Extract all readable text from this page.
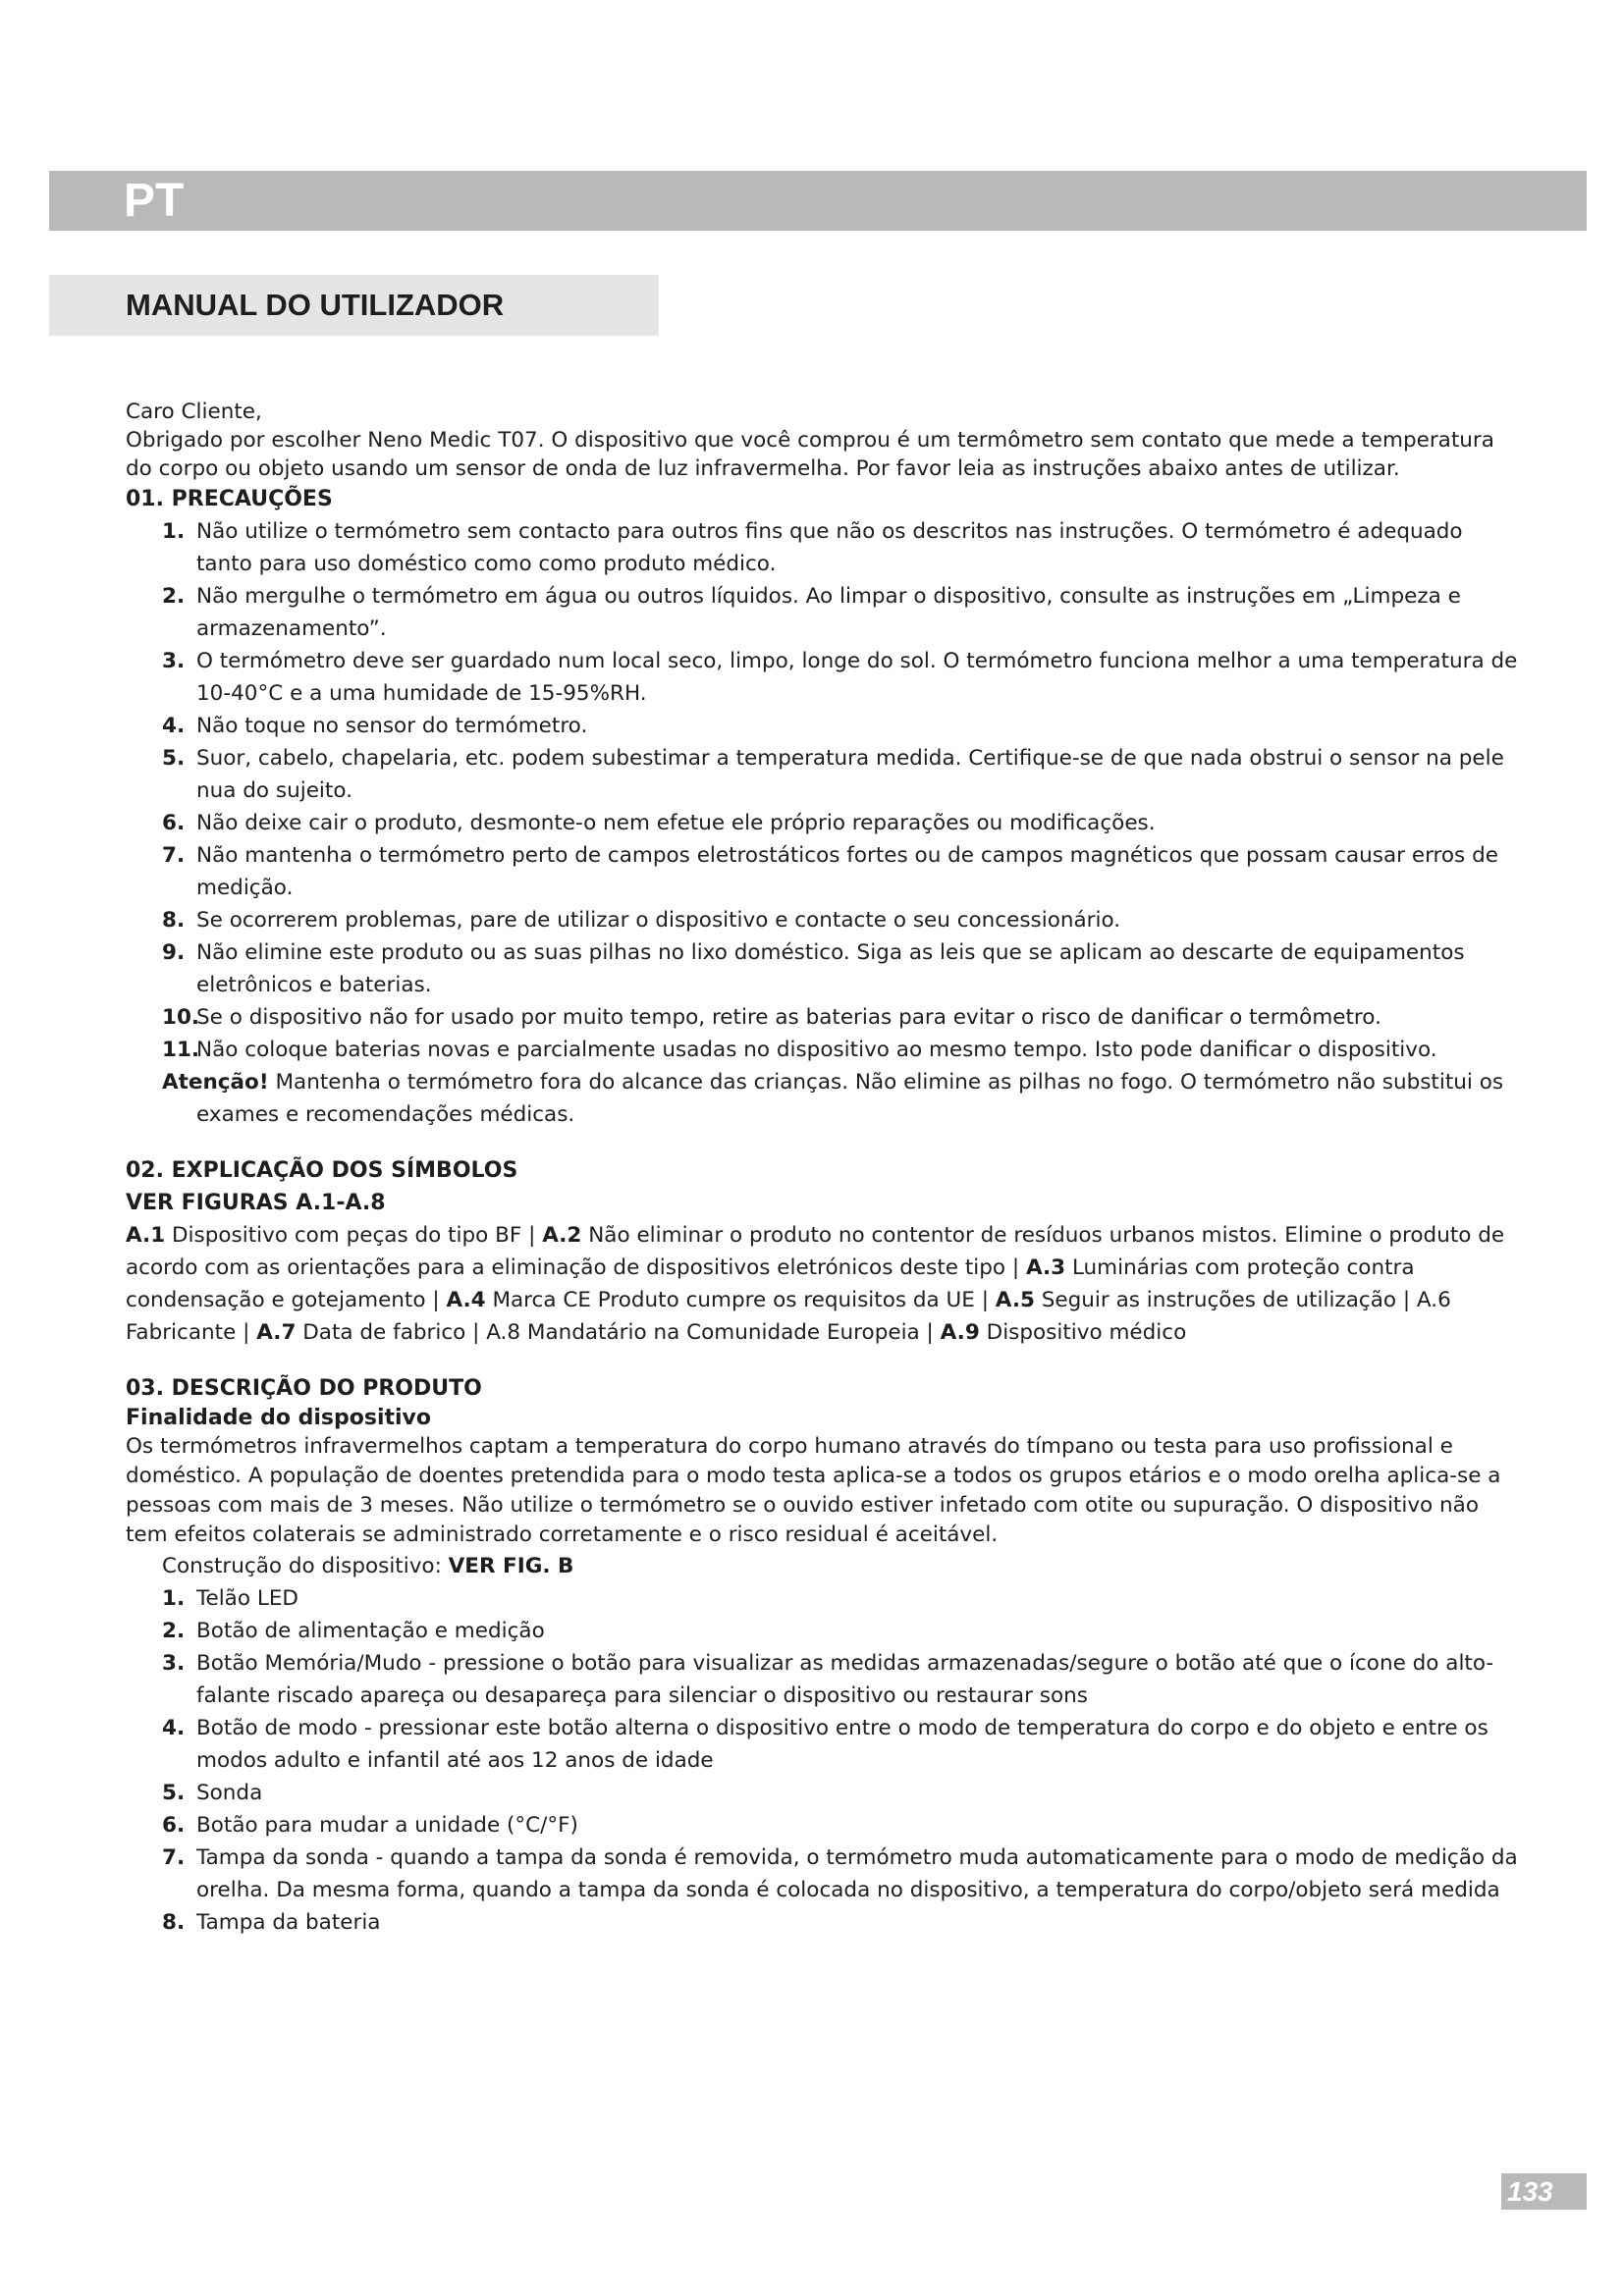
PT
MANUAL DO UTILIZADOR

Caro Cliente,

Obrigado por escolher Neno Medic T07. O dispositivo que você comprou é um termômetro sem contato que mede a temperatura do corpo ou objeto usando um sensor de onda de luz infravermelha. Por favor leia as instruções abaixo antes de utilizar.

01. PRECAUÇÕES

1. Não utilize o termómetro sem contacto para outros fins que não os descritos nas instruções. O termómetro é adequado tanto para uso doméstico como como produto médico.
2. Não mergulhe o termómetro em água ou outros líquidos. Ao limpar o dispositivo, consulte as instruções em „Limpeza e armazenamento”.
3. O termómetro deve ser guardado num local seco, limpo, longe do sol. O termómetro funciona melhor a uma temperatura de 10-40°C e a uma humidade de 15-95%RH.
4. Não toque no sensor do termómetro.
5. Suor, cabelo, chapelaria, etc. podem subestimar a temperatura medida. Certifique-se de que nada obstrui o sensor na pele nua do sujeito.
6. Não deixe cair o produto, desmonte-o nem efetue ele próprio reparações ou modificações.
7. Não mantenha o termómetro perto de campos eletrostáticos fortes ou de campos magnéticos que possam causar erros de medição.
8. Se ocorrerem problemas, pare de utilizar o dispositivo e contacte o seu concessionário.
9. Não elimine este produto ou as suas pilhas no lixo doméstico. Siga as leis que se aplicam ao descarte de equipamentos eletrônicos e baterias.
10.
Se o dispositivo não for usado por muito tempo, retire as baterias para evitar o risco de danificar o termômetro.
11.
Não coloque baterias novas e parcialmente usadas no dispositivo ao mesmo tempo. Isto pode danificar o dispositivo.
Atenção! Mantenha o termómetro fora do alcance das crianças. Não elimine as pilhas no fogo. O termómetro não substitui os exames e recomendações médicas.

02. EXPLICAÇÃO DOS SÍMBOLOS

VER FIGURAS A.1-A.8

A.1 Dispositivo com peças do tipo BF | A.2 Não eliminar o produto no contentor de resíduos urbanos mistos. Elimine o produto de acordo com as orientações para a eliminação de dispositivos eletrónicos deste tipo | A.3 Luminárias com proteção contra condensação e gotejamento | A.4 Marca CE Produto cumpre os requisitos da UE | A.5 Seguir as instruções de utilização | A.6 Fabricante | A.7 Data de fabrico | A.8 Mandatário na Comunidade Europeia | A.9 Dispositivo médico

03. DESCRIÇÃO DO PRODUTO

Finalidade do dispositivo

Os termómetros infravermelhos captam a temperatura do corpo humano através do tímpano ou testa para uso profissional e doméstico. A população de doentes pretendida para o modo testa aplica-se a todos os grupos etários e o modo orelha aplica-se a pessoas com mais de 3 meses. Não utilize o termómetro se o ouvido estiver infetado com otite ou supuração. O dispositivo não tem efeitos colaterais se administrado corretamente e o risco residual é aceitável.

Construção do dispositivo: VER FIG. B
1. Telão LED
2. Botão de alimentação e medição
3. Botão Memória/Mudo - pressione o botão para visualizar as medidas armazenadas/segure o botão até que o ícone do alto-falante riscado apareça ou desapareça para silenciar o dispositivo ou restaurar sons
4. Botão de modo - pressionar este botão alterna o dispositivo entre o modo de temperatura do corpo e do objeto e entre os modos adulto e infantil até aos 12 anos de idade
5. Sonda
6. Botão para mudar a unidade (°C/°F)
7. Tampa da sonda - quando a tampa da sonda é removida, o termómetro muda automaticamente para o modo de medição da orelha. Da mesma forma, quando a tampa da sonda é colocada no dispositivo, a temperatura do corpo/objeto será medida
8. Tampa da bateria
133
